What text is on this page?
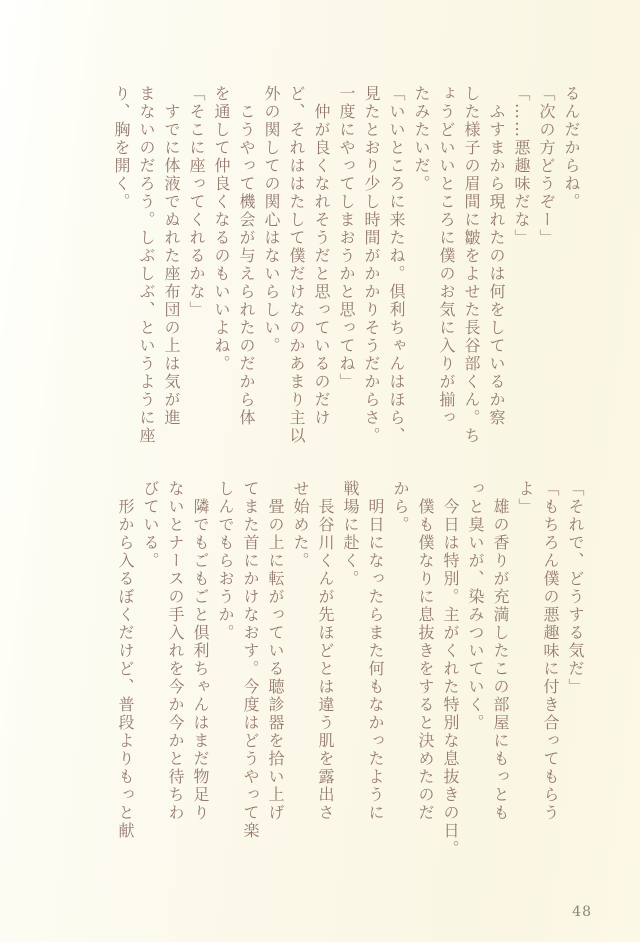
るんだからね。
「次の方どうぞー」
「……悪趣味だな」
　ふすまから現れたのは何をしているか察
した様子の眉間に皺をよせた長谷部くん。ち
ょうどいいところに僕のお気に入りが揃っ
たみたいだ。
「いいところに来たね。倶利ちゃんはほら、
見たとおり少し時間がかかりそうだからさ。
一度にやってしまおうかと思ってね」
　仲が良くなれそうだと思っているのだけ
ど、それははたして僕だけなのかあまり主以
外の関しての関心はないらしい。
　こうやって機会が与えられたのだから体
を通して仲良くなるのもいいよね。
「そこに座ってくれるかな」
　すでに体液でぬれた座布団の上は気が進
まないのだろう。しぶしぶ、というように座
り、胸を開く。
「それで、どうする気だ」
「もちろん僕の悪趣味に付き合ってもらう
よ」
　雄の香りが充満したこの部屋にもっとも
っと臭いが、染みついていく。
　今日は特別。主がくれた特別な息抜きの日。
　僕も僕なりに息抜きをすると決めたのだ
から。
　明日になったらまた何もなかったように
戦場に赴く。
　長谷川くんが先ほどとは違う肌を露出さ
せ始めた。
　畳の上に転がっている聴診器を拾い上げ
てまた首にかけなおす。今度はどうやって楽
しんでもらおうか。
　隣でもごもごと倶利ちゃんはまだ物足り
ないとナースの手入れを今か今かと待ちわ
びている。
　形から入るぼくだけど、普段よりもっと献
48
